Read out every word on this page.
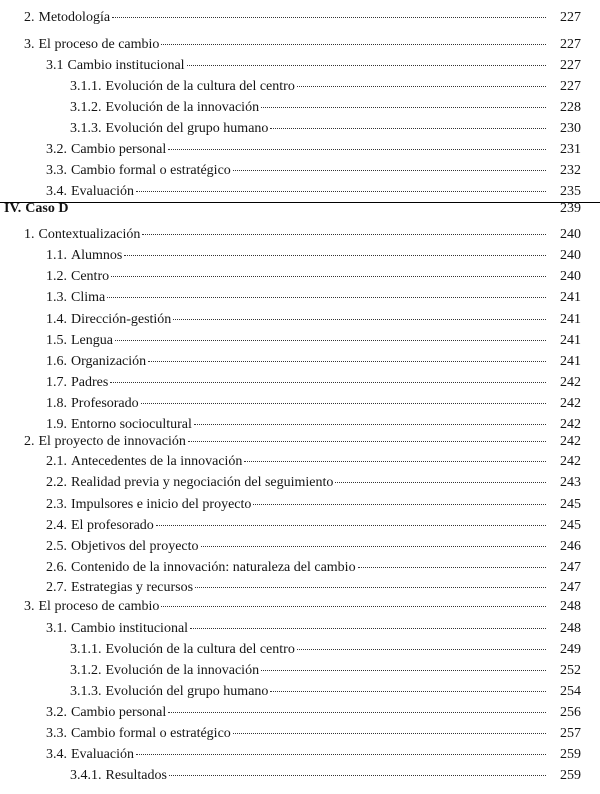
2. Metodología	227
3. El proceso de cambio	227
3.1 Cambio institucional	227
3.1.1. Evolución de la cultura del centro	227
3.1.2. Evolución de la innovación	228
3.1.3. Evolución del grupo humano	230
3.2. Cambio personal	231
3.3. Cambio formal o estratégico	232
3.4. Evaluación	235
IV. Caso D	239
1. Contextualización	240
1.1. Alumnos	240
1.2. Centro	240
1.3. Clima	241
1.4. Dirección-gestión	241
1.5. Lengua	241
1.6. Organización	241
1.7. Padres	242
1.8. Profesorado	242
1.9. Entorno sociocultural	242
2. El proyecto de innovación	242
2.1. Antecedentes de la innovación	242
2.2. Realidad previa y negociación del seguimiento	243
2.3. Impulsores e inicio del proyecto	245
2.4. El profesorado	245
2.5. Objetivos del proyecto	246
2.6. Contenido de la innovación: naturaleza del cambio	247
2.7. Estrategias y recursos	247
3. El proceso de cambio	248
3.1. Cambio institucional	248
3.1.1. Evolución de la cultura del centro	249
3.1.2. Evolución de la innovación	252
3.1.3. Evolución del grupo humano	254
3.2. Cambio personal	256
3.3. Cambio formal o estratégico	257
3.4. Evaluación	259
3.4.1. Resultados	259
